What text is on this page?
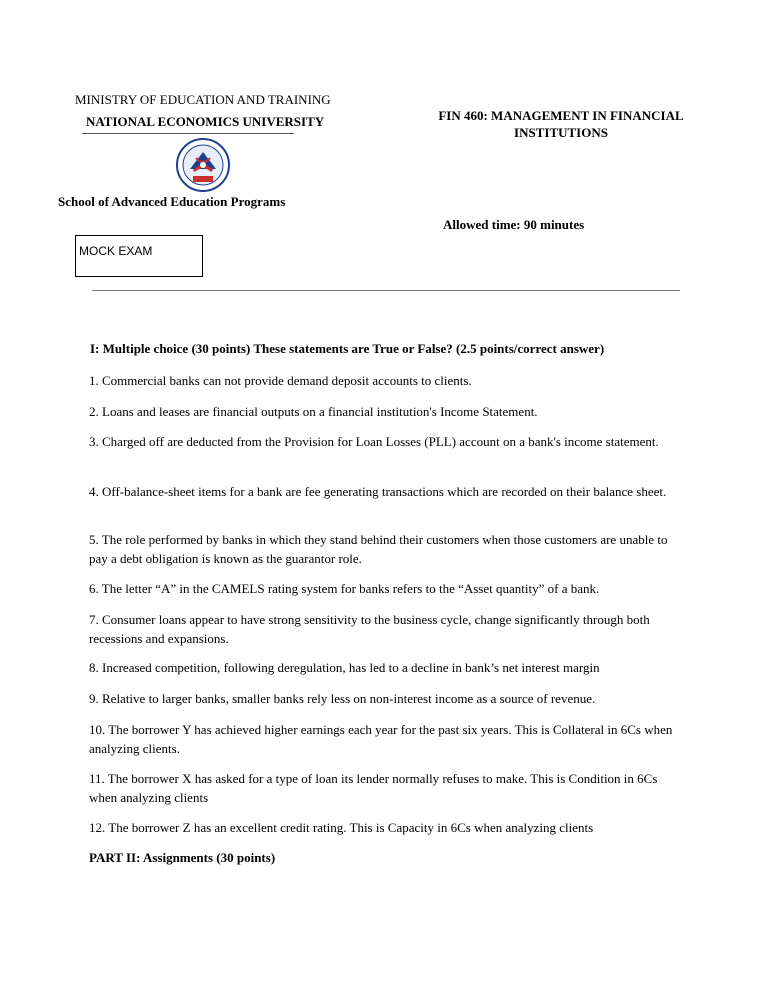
MINISTRY OF EDUCATION AND TRAINING
NATIONAL ECONOMICS UNIVERSITY	FIN 460: MANAGEMENT IN FINANCIAL
INSTITUTIONS
School of Advanced Education Programs
Allowed time: 90 minutes
MOCK EXAM
I: Multiple choice (30 points) These statements are True or False? (2.5 points/correct answer)
1. Commercial banks can not provide demand deposit accounts to clients.
2. Loans and leases are financial outputs on a financial institution's Income Statement.
3. Charged off are deducted from the Provision for Loan Losses (PLL) account on a bank's income statement.
4. Off-balance-sheet items for a bank are fee generating transactions which are recorded on their balance sheet.
5. The role performed by banks in which they stand behind their customers when those customers are unable to pay a debt obligation is known as the guarantor role.
6. The letter “A” in the CAMELS rating system for banks refers to the “Asset quantity” of a bank.
7. Consumer loans appear to have strong sensitivity to the business cycle, change significantly through both recessions and expansions.
8. Increased competition, following deregulation, has led to a decline in bank’s net interest margin
9. Relative to larger banks, smaller banks rely less on non-interest income as a source of revenue.
10. The borrower Y has achieved higher earnings each year for the past six years. This is Collateral in 6Cs when analyzing clients.
11. The borrower X has asked for a type of loan its lender normally refuses to make. This is Condition in 6Cs when analyzing clients
12. The borrower Z has an excellent credit rating. This is Capacity in 6Cs when analyzing clients
PART II: Assignments (30 points)
